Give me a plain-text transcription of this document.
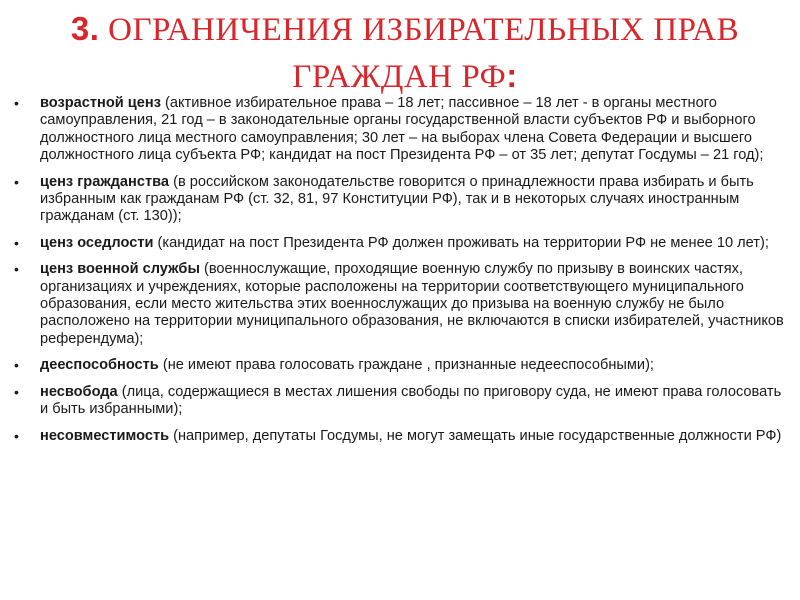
3. ОГРАНИЧЕНИЯ ИЗБИРАТЕЛЬНЫХ ПРАВ
ГРАЖДАН РФ:
• возрастной ценз (активное избирательное права – 18 лет; пассивное – 18 лет - в органы местного самоуправления, 21 год – в законодательные органы государственной власти субъектов РФ и выборного должностного лица местного самоуправления; 30 лет – на выборах члена Совета Федерации и высшего должностного лица субъекта РФ; кандидат на пост Президента РФ – от 35 лет; депутат Госдумы – 21 год);
• ценз гражданства (в российском законодательстве говорится о принадлежности права избирать и быть избранным как гражданам РФ (ст. 32, 81, 97 Конституции РФ), так и в некоторых случаях иностранным гражданам (ст. 130));
• ценз оседлости (кандидат на пост Президента РФ должен проживать на территории РФ не менее 10 лет);
• ценз военной службы (военнослужащие, проходящие военную службу по призыву в воинских частях, организациях и учреждениях, которые расположены на территории соответствующего муниципального образования, если место жительства этих военнослужащих до призыва на военную службу не было расположено на территории муниципального образования, не включаются в списки избирателей, участников референдума);
• дееспособность (не имеют права голосовать граждане , признанные недееспособными);
• несвобода (лица, содержащиеся в местах лишения свободы по приговору суда, не имеют права голосовать и быть избранными);
• несовместимость (например, депутаты Госдумы, не могут замещать иные государственные должности РФ)
